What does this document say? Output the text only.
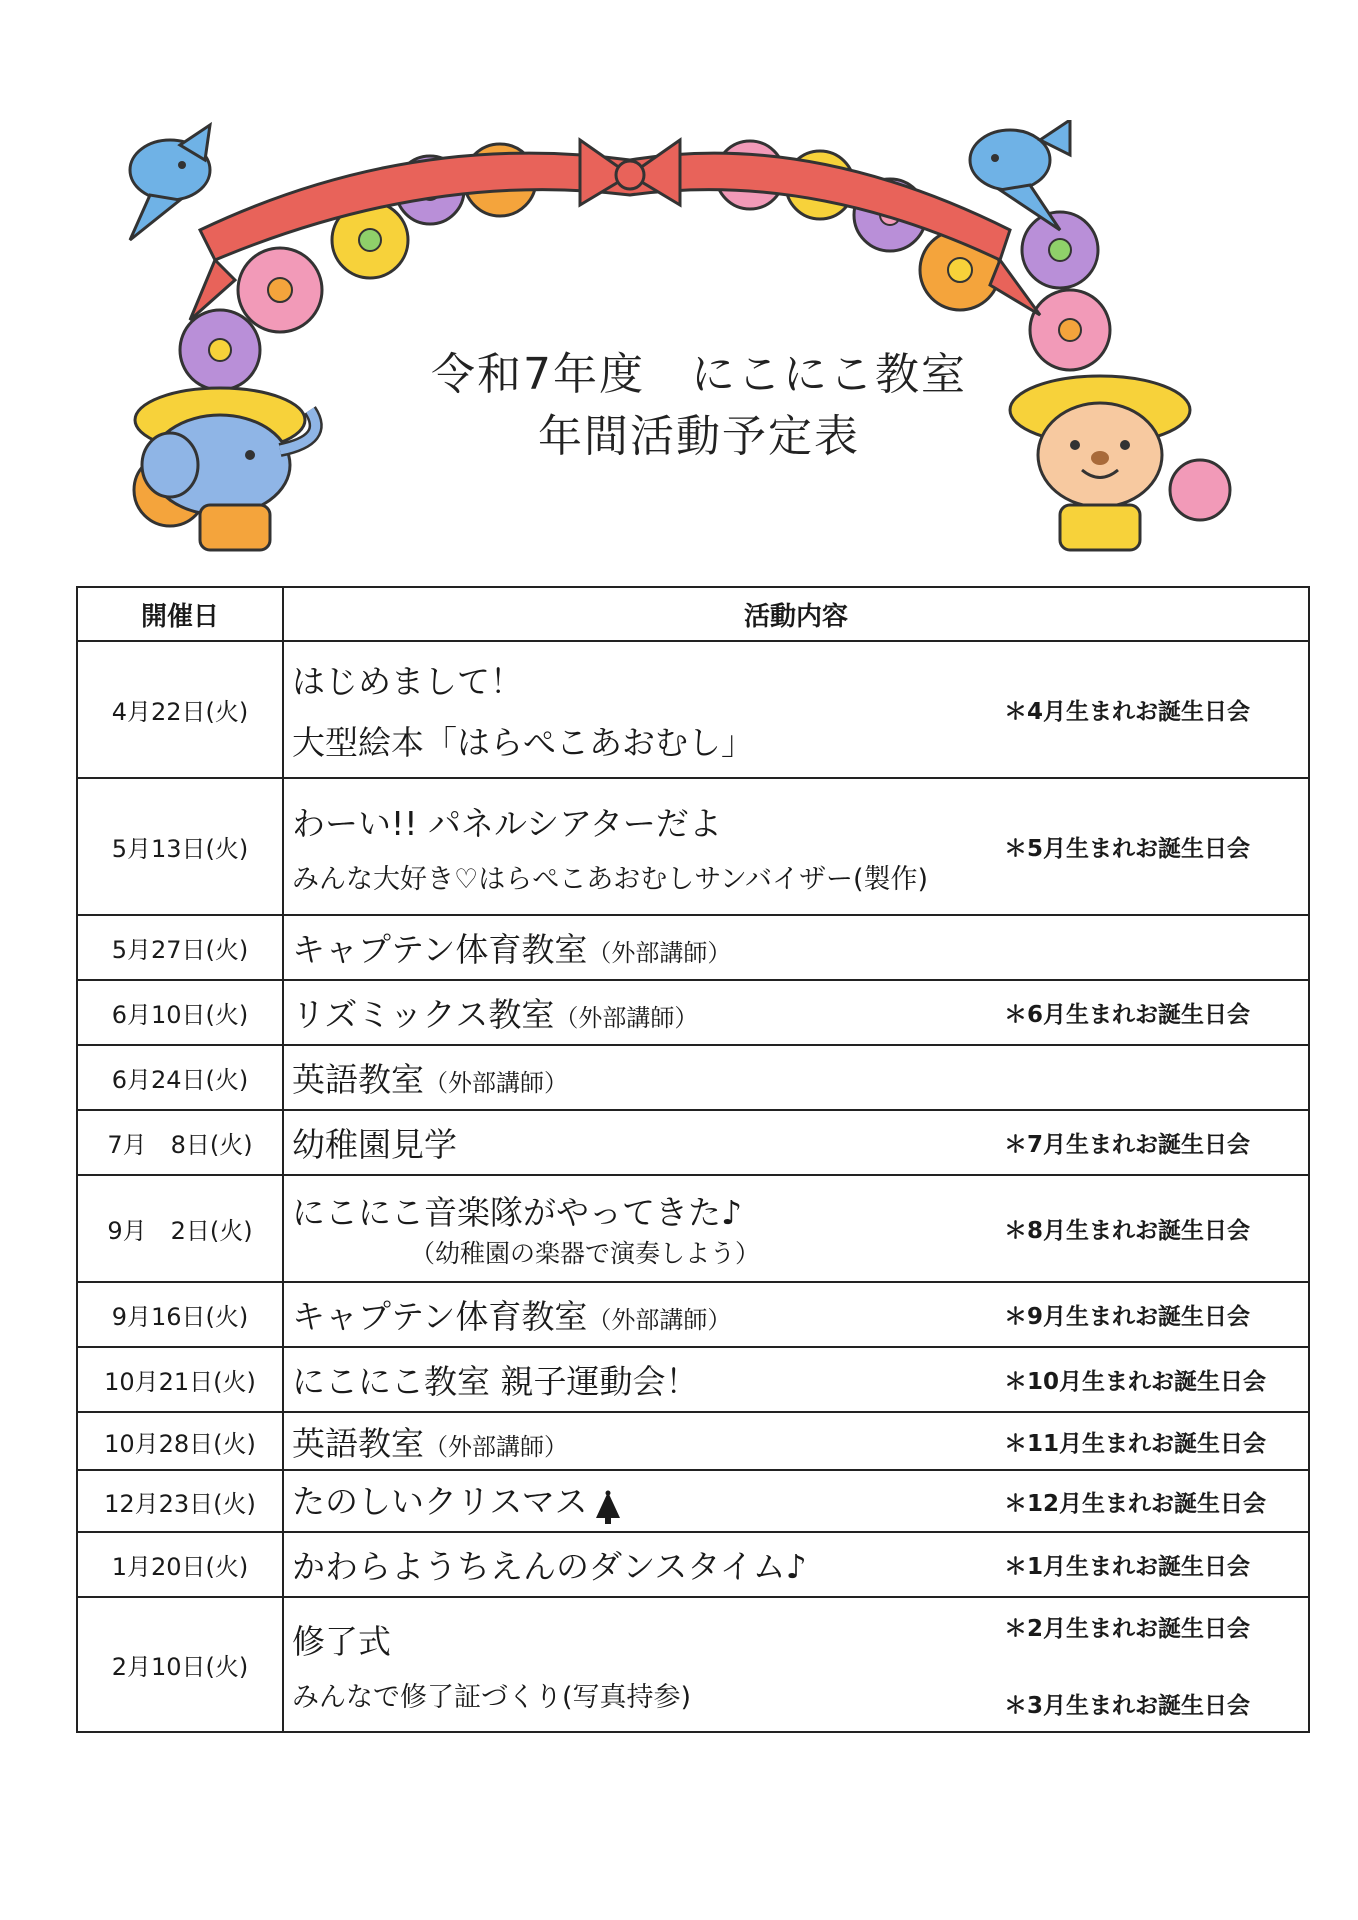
令和7年度　にこにこ教室
年間活動予定表
開催日	活動内容
4月22日(火)	はじめまして！
大型絵本「はらぺこあおむし」
＊4月生まれお誕生日会

5月13日(火)	わーい!! パネルシアターだよ
みんな大好き♡はらぺこあおむしサンバイザー(製作)
＊5月生まれお誕生日会

5月27日(火)	キャプテン体育教室（外部講師）

6月10日(火)	リズミックス教室（外部講師） ＊6月生まれお誕生日会

6月24日(火)	英語教室（外部講師）

7月　8日(火)	幼稚園見学 ＊7月生まれお誕生日会

9月　2日(火)	にこにこ音楽隊がやってきた♪
（幼稚園の楽器で演奏しよう）
＊8月生まれお誕生日会

9月16日(火)	キャプテン体育教室（外部講師） ＊9月生まれお誕生日会

10月21日(火)	にこにこ教室 親子運動会！ ＊10月生まれお誕生日会

10月28日(火)	英語教室（外部講師） ＊11月生まれお誕生日会

12月23日(火)	たのしいクリスマス ＊12月生まれお誕生日会

1月20日(火)	かわらようちえんのダンスタイム♪ ＊1月生まれお誕生日会

2月10日(火)	修了式
みんなで修了証づくり(写真持参)
＊2月生まれお誕生日会
＊3月生まれお誕生日会
